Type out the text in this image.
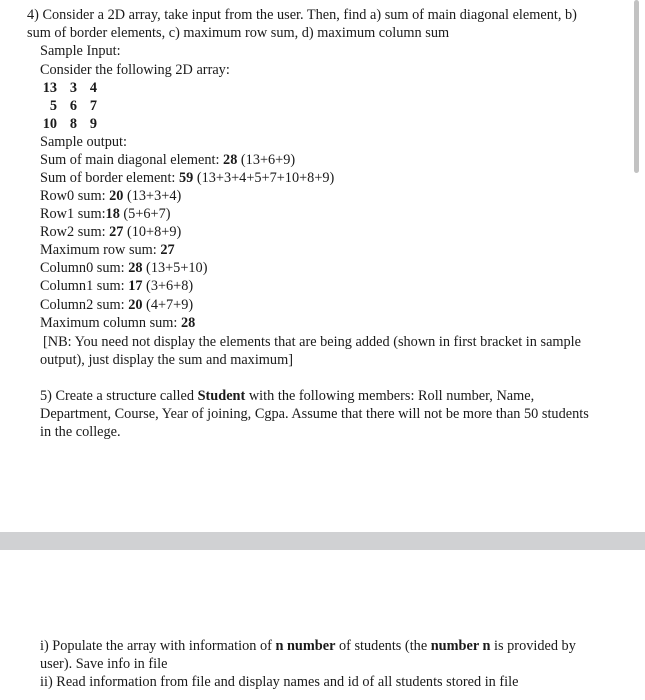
4) Consider a 2D array, take input from the user. Then, find a) sum of main diagonal element, b)
sum of border elements, c) maximum row sum, d) maximum column sum
Sample Input:
Consider the following 2D array:
13 3 4
5 6 7
10 8 9
Sample output:
Sum of main diagonal element: 28 (13+6+9)
Sum of border element: 59 (13+3+4+5+7+10+8+9)
Row0 sum: 20 (13+3+4)
Row1 sum:18 (5+6+7)
Row2 sum: 27 (10+8+9)
Maximum row sum: 27
Column0 sum: 28 (13+5+10)
Column1 sum: 17 (3+6+8)
Column2 sum: 20 (4+7+9)
Maximum column sum: 28
[NB: You need not display the elements that are being added (shown in first bracket in sample
output), just display the sum and maximum]
5) Create a structure called Student with the following members: Roll number, Name,
Department, Course, Year of joining, Cgpa. Assume that there will not be more than 50 students
in the college.
i) Populate the array with information of n number of students (the number n is provided by
user). Save info in file
ii) Read information from file and display names and id of all students stored in file
